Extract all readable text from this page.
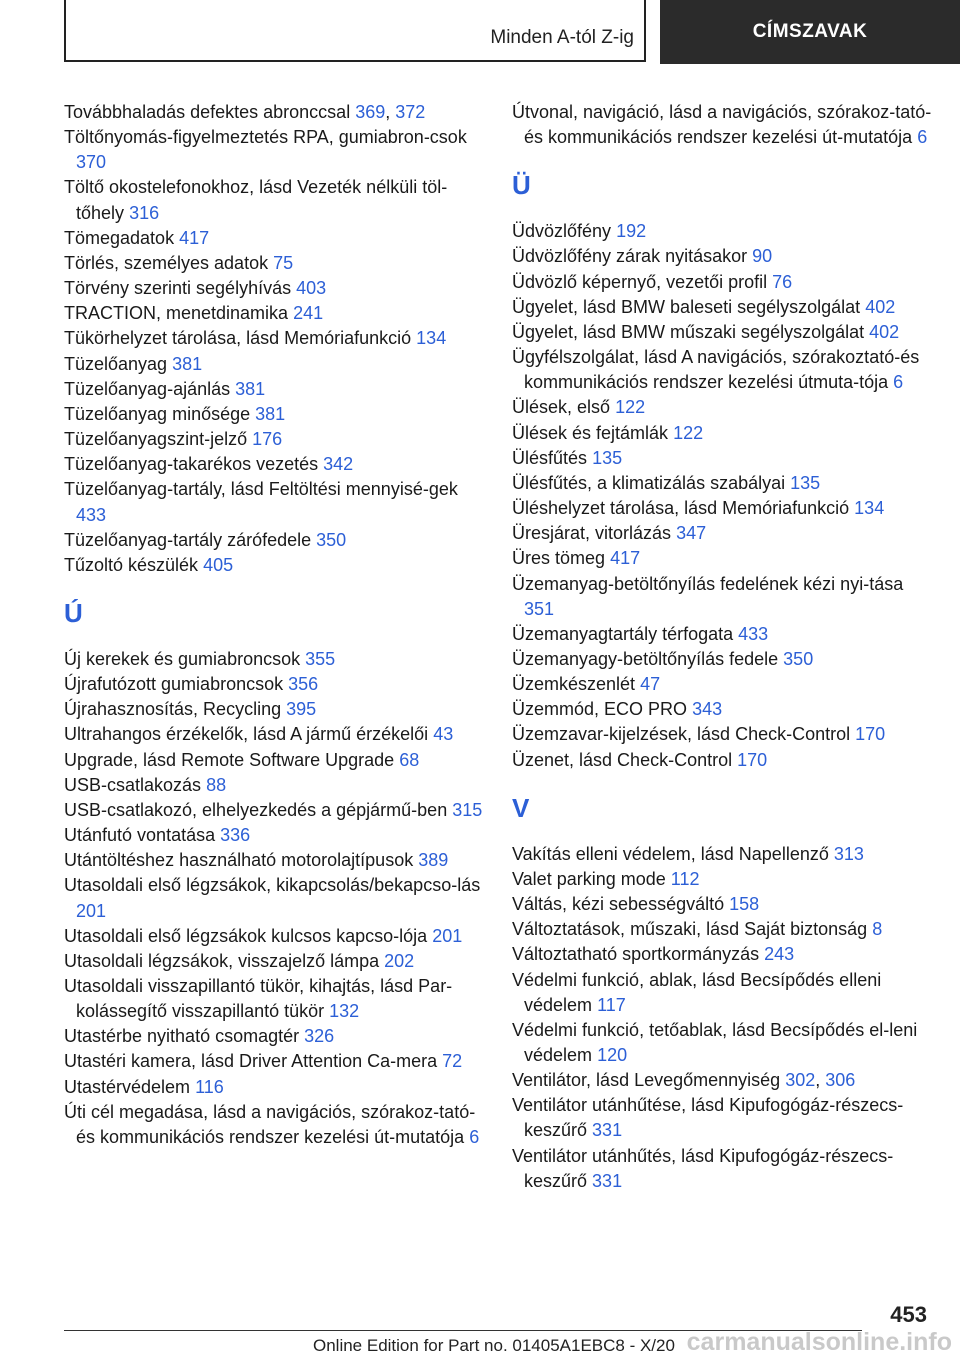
Minden A-tól Z-ig	CÍMSZAVAK
Továbbhaladás defektes abronccsal 369, 372
Töltőnyomás-figyelmeztetés RPA, gumiabron-csok 370
Töltő okostelefonokhoz, lásd Vezeték nélküli töl-tőhely 316
Tömegadatok 417
Törlés, személyes adatok 75
Törvény szerinti segélyhívás 403
TRACTION, menetdinamika 241
Tükörhelyzet tárolása, lásd Memóriafunkció 134
Tüzelőanyag 381
Tüzelőanyag-ajánlás 381
Tüzelőanyag minősége 381
Tüzelőanyagszint-jelző 176
Tüzelőanyag-takarékos vezetés 342
Tüzelőanyag-tartály, lásd Feltöltési mennyisé-gek 433
Tüzelőanyag-tartály zárófedele 350
Tűzoltó készülék 405
Ú
Új kerekek és gumiabroncsok 355
Újrafutózott gumiabroncsok 356
Újrahasznosítás, Recycling 395
Ultrahangos érzékelők, lásd A jármű érzékelői 43
Upgrade, lásd Remote Software Upgrade 68
USB-csatlakozás 88
USB-csatlakozó, elhelyezkedés a gépjármű-ben 315
Utánfutó vontatása 336
Utántöltéshez használható motorolajtípusok 389
Utasoldali első légzsákok, kikapcsolás/bekapcso-lás 201
Utasoldali első légzsákok kulcsos kapcso-lója 201
Utasoldali légzsákok, visszajelző lámpa 202
Utasoldali visszapillantó tükör, kihajtás, lásd Par-kolássegítő visszapillantó tükör 132
Utastérbe nyitható csomagtér 326
Utastéri kamera, lásd Driver Attention Ca-mera 72
Utastérvédelem 116
Úti cél megadása, lásd a navigációs, szórakoz-tató- és kommunikációs rendszer kezelési út-mutatója 6
Útvonal, navigáció, lásd a navigációs, szórakoz-tató- és kommunikációs rendszer kezelési út-mutatója 6
Ü
Üdvözlőfény 192
Üdvözlőfény zárak nyitásakor 90
Üdvözlő képernyő, vezetői profil 76
Ügyelet, lásd BMW baleseti segélyszolgálat 402
Ügyelet, lásd BMW műszaki segélyszolgálat 402
Ügyfélszolgálat, lásd A navigációs, szórakoztató-és kommunikációs rendszer kezelési útmuta-tója 6
Ülések, első 122
Ülések és fejtámlák 122
Ülésfűtés 135
Ülésfűtés, a klimatizálás szabályai 135
Üléshelyzet tárolása, lásd Memóriafunkció 134
Üresjárat, vitorlázás 347
Üres tömeg 417
Üzemanyag-betöltőnyílás fedelének kézi nyi-tása 351
Üzemanyagtartály térfogata 433
Üzemanyagy-betöltőnyílás fedele 350
Üzemkészenlét 47
Üzemmód, ECO PRO 343
Üzemzavar-kijelzések, lásd Check-Control 170
Üzenet, lásd Check-Control 170
V
Vakítás elleni védelem, lásd Napellenző 313
Valet parking mode 112
Váltás, kézi sebességváltó 158
Változtatások, műszaki, lásd Saját biztonság 8
Változtatható sportkormányzás 243
Védelmi funkció, ablak, lásd Becsípődés elleni védelem 117
Védelmi funkció, tetőablak, lásd Becsípődés el-leni védelem 120
Ventilátor, lásd Levegőmennyiség 302, 306
Ventilátor utánhűtése, lásd Kipufogógáz-részecs-keszűrő 331
Ventilátor utánhűtés, lásd Kipufogógáz-részecs-keszűrő 331
453
Online Edition for Part no. 01405A1EBC8 - X/20 carmanualsonline.info
